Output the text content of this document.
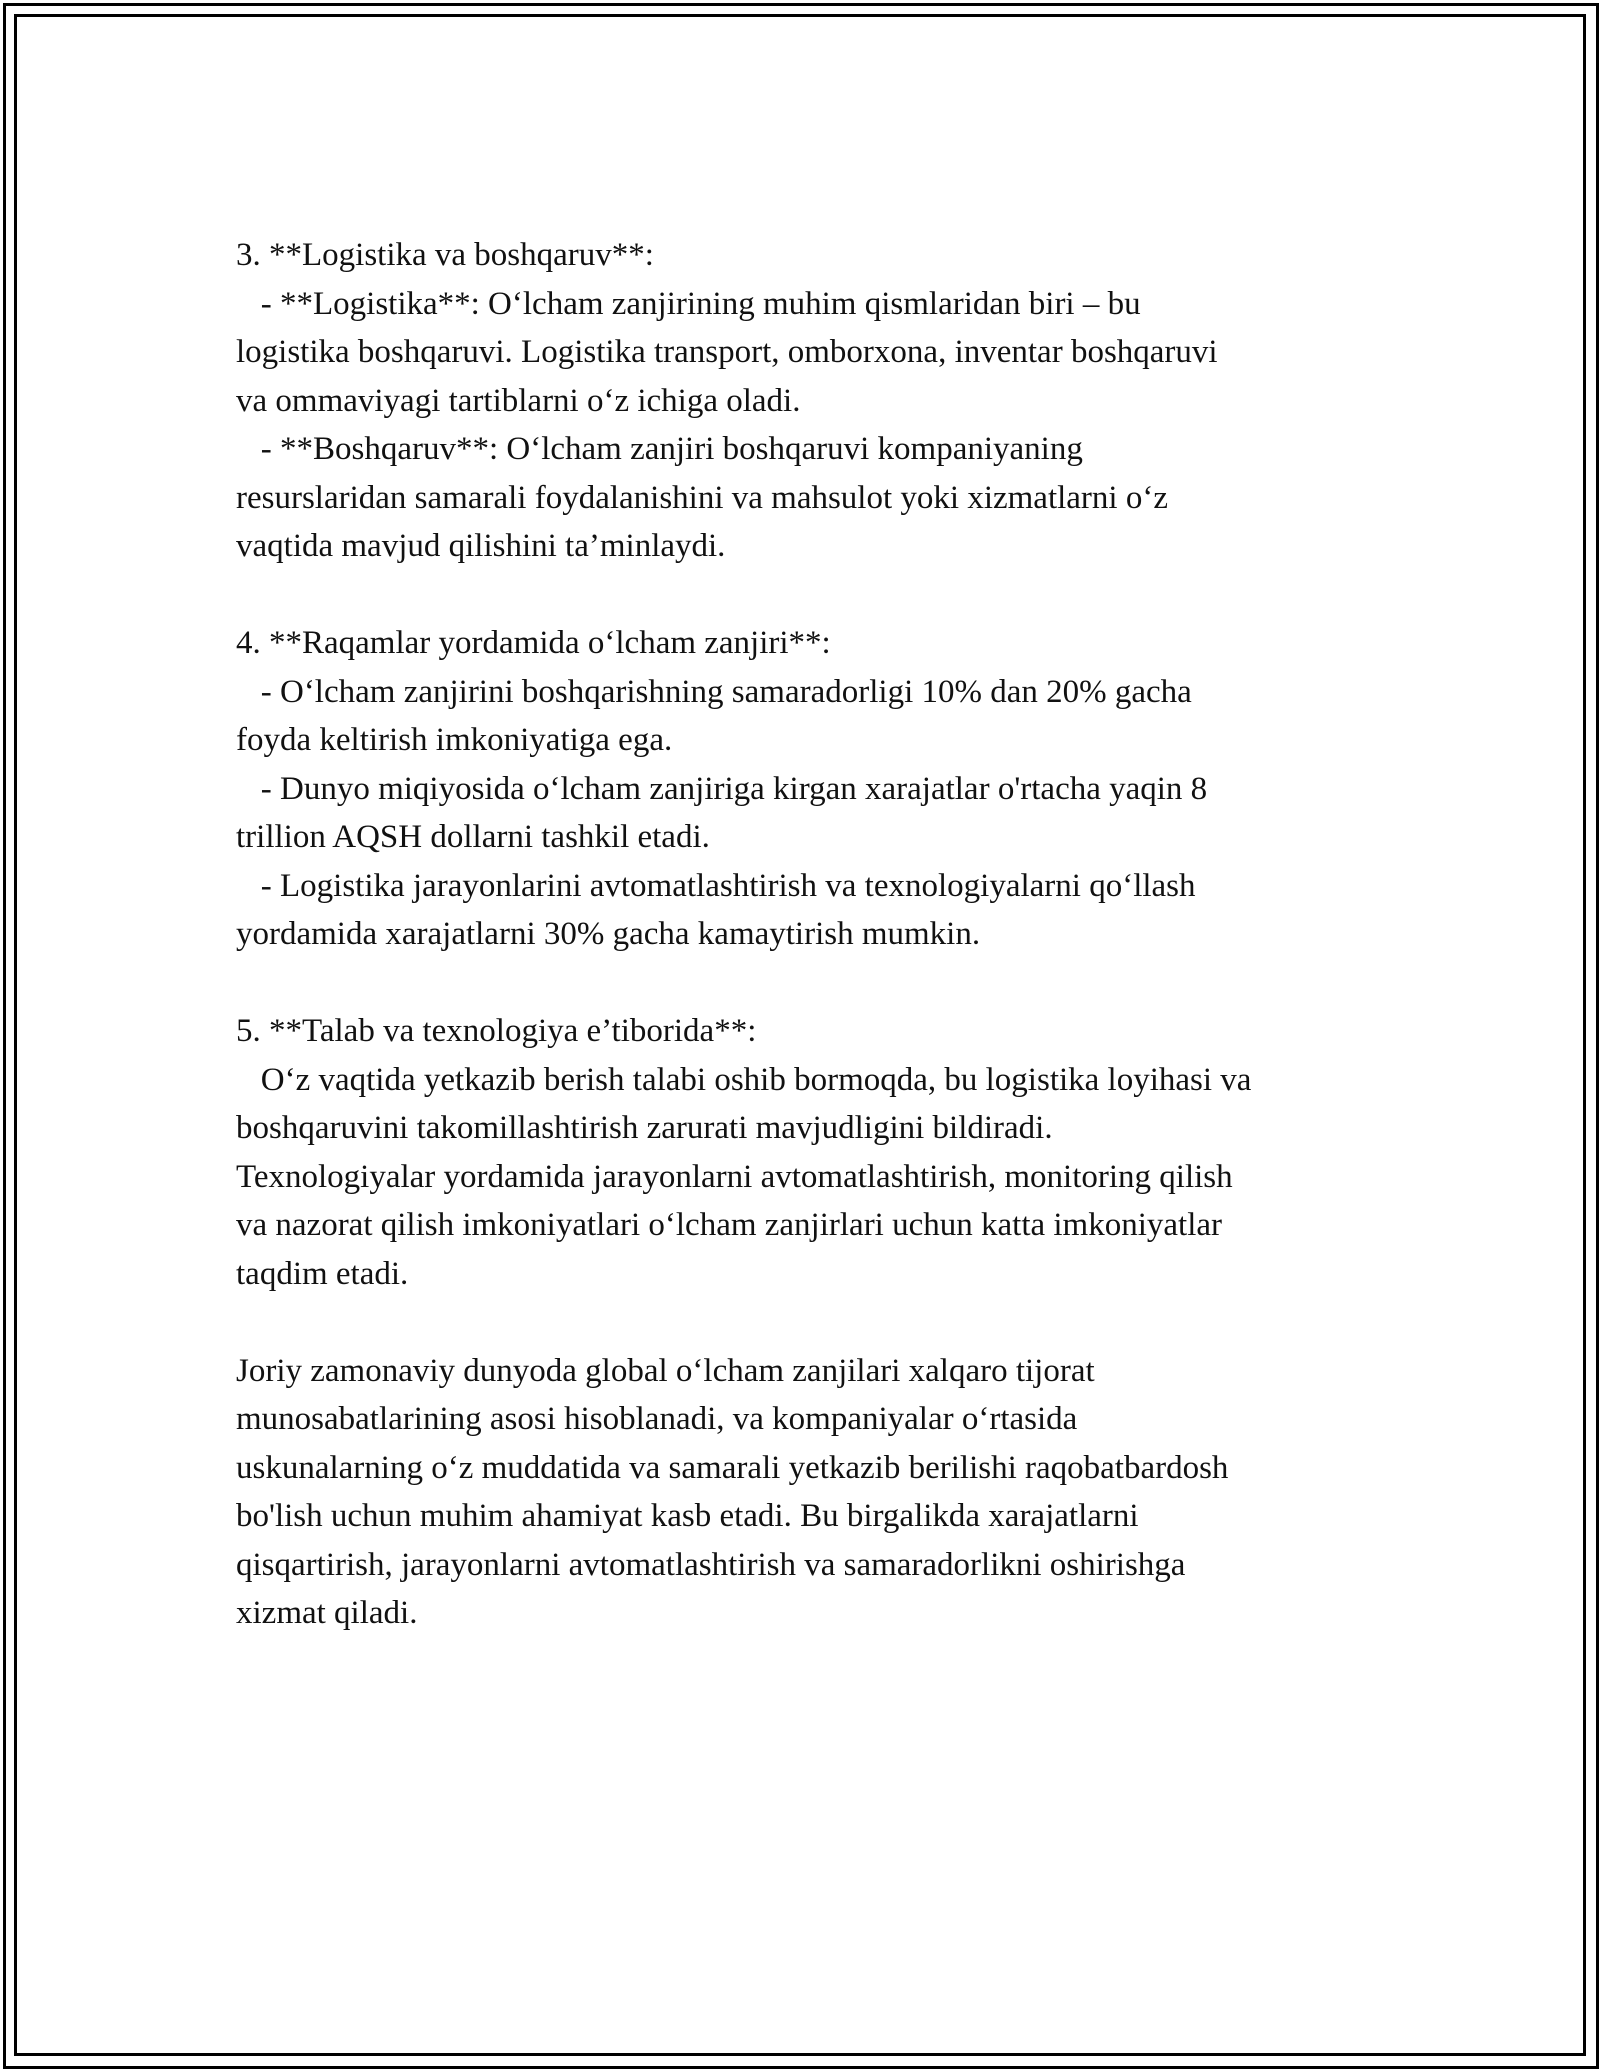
3. **Logistika va boshqaruv**:
- **Logistika**: O‘lcham zanjirining muhim qismlaridan biri – bu
logistika boshqaruvi. Logistika transport, omborxona, inventar boshqaruvi
va ommaviyagi tartiblarni o‘z ichiga oladi.
- **Boshqaruv**: O‘lcham zanjiri boshqaruvi kompaniyaning
resurslaridan samarali foydalanishini va mahsulot yoki xizmatlarni o‘z
vaqtida mavjud qilishini ta’minlaydi.
4. **Raqamlar yordamida o‘lcham zanjiri**:
- O‘lcham zanjirini boshqarishning samaradorligi 10% dan 20% gacha
foyda keltirish imkoniyatiga ega.
- Dunyo miqiyosida o‘lcham zanjiriga kirgan xarajatlar o'rtacha yaqin 8
trillion AQSH dollarni tashkil etadi.
- Logistika jarayonlarini avtomatlashtirish va texnologiyalarni qo‘llash
yordamida xarajatlarni 30% gacha kamaytirish mumkin.
5. **Talab va texnologiya e’tiborida**:
O‘z vaqtida yetkazib berish talabi oshib bormoqda, bu logistika loyihasi va
boshqaruvini takomillashtirish zarurati mavjudligini bildiradi.
Texnologiyalar yordamida jarayonlarni avtomatlashtirish, monitoring qilish
va nazorat qilish imkoniyatlari o‘lcham zanjirlari uchun katta imkoniyatlar
taqdim etadi.
Joriy zamonaviy dunyoda global o‘lcham zanjilari xalqaro tijorat
munosabatlarining asosi hisoblanadi, va kompaniyalar o‘rtasida
uskunalarning o‘z muddatida va samarali yetkazib berilishi raqobatbardosh
bo'lish uchun muhim ahamiyat kasb etadi. Bu birgalikda xarajatlarni
qisqartirish, jarayonlarni avtomatlashtirish va samaradorlikni oshirishga
xizmat qiladi.
